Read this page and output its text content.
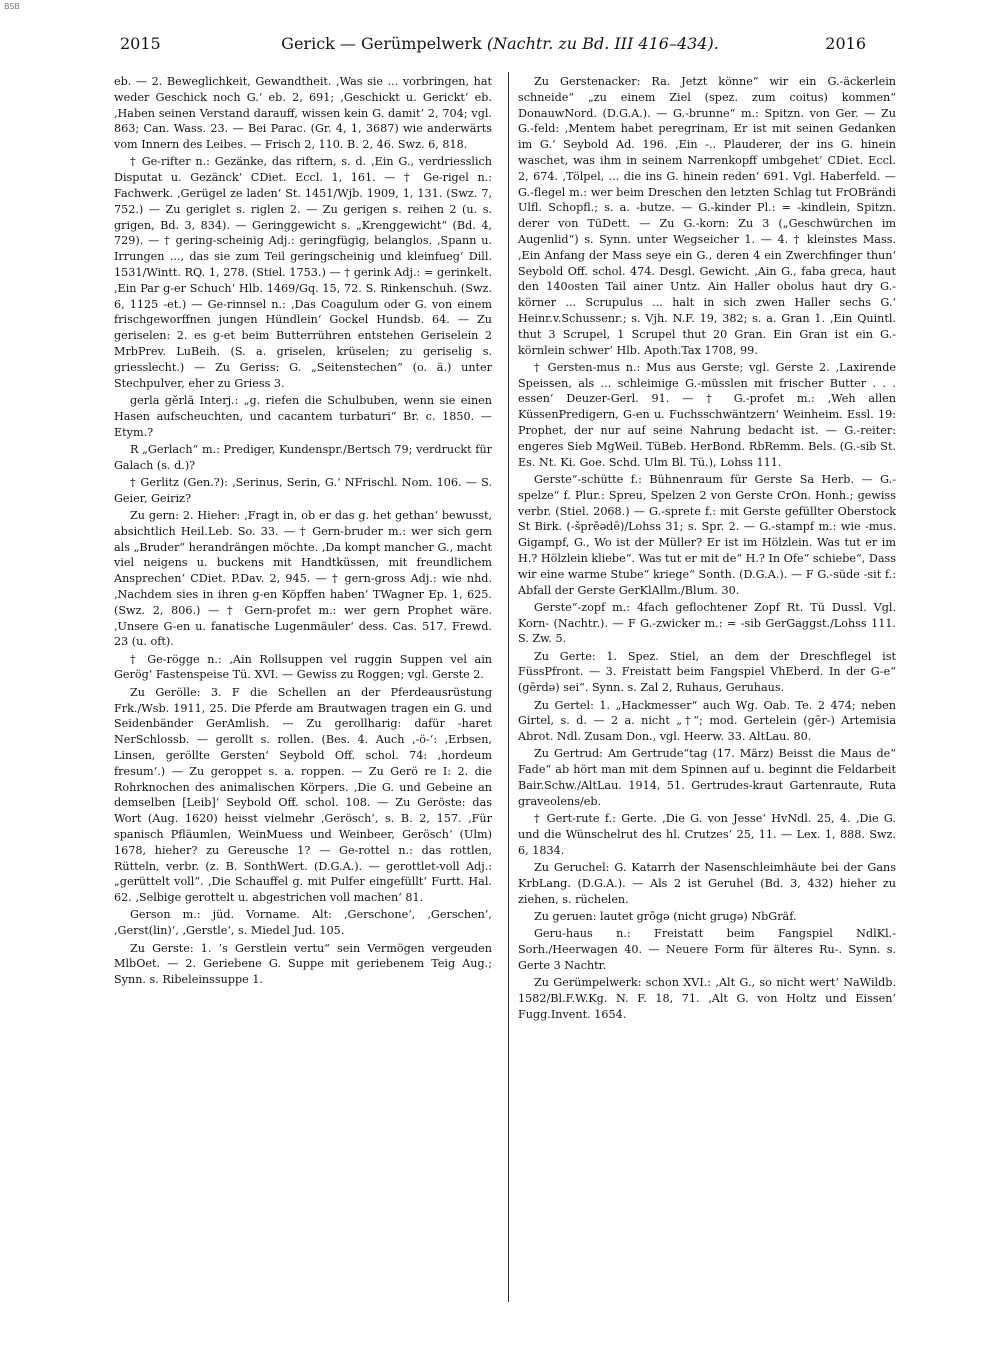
BSB
2015	Gerick — Gerümpelwerk (Nachtr. zu Bd. III 416–434).	2016

eb. — 2. Beweglichkeit, Gewandtheit. ‚Was sie ... vorbringen, hat weder Geschick noch G.‘ eb. 2, 691; ‚Geschickt u. Gerickt‘ eb. ‚Haben seinen Verstand darauff, wissen kein G. damit‘ 2, 704; vgl. 863; Can. Wass. 23. — Bei Parac. (Gr. 4, 1, 3687) wie anderwärts vom Innern des Leibes. — Frisch 2, 110. B. 2, 46. Swz. 6, 818.

† Ge-rifter n.: Gezänke, das riftern, s. d. ‚Ein G., verdriesslich Disputat u. Gezänck‘ CDiet. Eccl. 1, 161. — † Ge-rigel n.: Fachwerk. ‚Gerügel ze laden‘ St. 1451/Wjb. 1909, 1, 131. (Swz. 7, 752.) — Zu geriglet s. riglen 2. — Zu gerigen s. reihen 2 (u. s. grigen, Bd. 3, 834). — Geringgewicht s. „Krenggewicht“ (Bd. 4, 729). — † gering-scheinig Adj.: geringfügig, belanglos. ‚Spann u. Irrungen ..., das sie zum Teil geringscheinig und kleinfueg‘ Dill. 1531/Wintt. RQ. 1, 278. (Stiel. 1753.) — † gerink Adj.: = gerinkelt. ‚Ein Par g-er Schuch‘ Hlb. 1469/Gq. 15, 72. S. Rinkenschuh. (Swz. 6, 1125 -et.) — Ge-rinnsel n.: ‚Das Coagulum oder G. von einem frischgeworffnen jungen Hündlein‘ Gockel Hundsb. 64. — Zu geriselen: 2. es g-et beim Butterrühren entstehen Geriselein 2 MrbPrev. LuBeih. (S. a. griselen, krüselen; zu geriselig s. griesslecht.) — Zu Geriss: G. „Seitenstechen“ (o. ä.) unter Stechpulver, eher zu Griess 3.

gerla gĕrlă Interj.: „g. riefen die Schulbuben, wenn sie einen Hasen aufscheuchten, und cacantem turbaturi“ Br. c. 1850. — Etym.?

R „Gerlach“ m.: Prediger, Kundenspr./Bertsch 79; verdruckt für Galach (s. d.)?

† Gerlitz (Gen.?): ‚Serinus, Serin, G.‘ NFrischl. Nom. 106. — S. Geier, Geiriz?

Zu gern: 2. Hieher: ‚Fragt in, ob er das g. het gethan‘ bewusst, absichtlich Heil.Leb. So. 33. — † Gern-bruder m.: wer sich gern als „Bruder“ herandrängen möchte. ‚Da kompt mancher G., macht viel neigens u. buckens mit Handtküssen, mit freundlichem Ansprechen‘ CDiet. P.Dav. 2, 945. — † gern-gross Adj.: wie nhd. ‚Nachdem sies in ihren g-en Köpffen haben‘ TWagner Ep. 1, 625. (Swz. 2, 806.) — † Gern-profet m.: wer gern Prophet wäre. ‚Unsere G-en u. fanatische Lugenmäuler‘ dess. Cas. 517. Frewd. 23 (u. oft).

† Ge-rögge n.: ‚Ain Rollsuppen vel ruggin Suppen vel ain Gerög‘ Fastenspeise Tü. XVI. — Gewiss zu Roggen; vgl. Gerste 2.

Zu Gerölle: 3. F die Schellen an der Pferdeausrüstung Frk./Wsb. 1911, 25. Die Pferde am Brautwagen tragen ein G. und Seidenbänder GerAmlish. — Zu gerollharig: dafür -haret NerSchlossb. — gerollt s. rollen. (Bes. 4. Auch ‚-ö-‘: ‚Erbsen, Linsen, geröllte Gersten‘ Seybold Off. schol. 74: ‚hordeum fresum‘.) — Zu geroppet s. a. roppen. — Zu Gerö re I: 2. die Rohrknochen des animalischen Körpers. ‚Die G. und Gebeine an demselben [Leib]‘ Seybold Off. schol. 108. — Zu Geröste: das Wort (Aug. 1620) heisst vielmehr ‚Gerösch‘, s. B. 2, 157. ‚Für spanisch Pfläumlen, WeinMuess und Weinbeer, Gerösch‘ (Ulm) 1678, hieher? zu Gereusche 1? — Ge-rottel n.: das rottlen, Rütteln, verbr. (z. B. SonthWert. (D.G.A.). — gerottlet-voll Adj.: „gerüttelt voll“. ‚Die Schauffel g. mit Pulfer eingefüllt‘ Furtt. Hal. 62. ‚Selbige gerottelt u. abgestrichen voll machen‘ 81.

Gerson m.: jüd. Vorname. Alt: ‚Gerschone‘, ‚Gerschen‘, ‚Gerst(lin)‘, ‚Gerstle‘, s. Miedel Jud. 105.

Zu Gerste: 1. ’s Gerstlein vertu“ sein Vermögen vergeuden MlbOet. — 2. Geriebene G. Suppe mit geriebenem Teig Aug.; Synn. s. Ribeleinssuppe 1.

Zu Gerstenacker: Ra. Jetzt könne“ wir ein G.-äckerlein schneide“ „zu einem Ziel (spez. zum coitus) kommen“ DonauwNord. (D.G.A.). — G.-brunne“ m.: Spitzn. von Ger. — Zu G.-feld: ‚Mentem habet peregrinam, Er ist mit seinen Gedanken im G.‘ Seybold Ad. 196. ‚Ein -.. Plauderer, der ins G. hinein waschet, was ihm in seinem Narrenkopff umbgehet‘ CDiet. Eccl. 2, 674. ‚Tölpel, ... die ins G. hinein reden‘ 691. Vgl. Haberfeld. — G.-flegel m.: wer beim Dreschen den letzten Schlag tut FrOBrändi Ulfl. Schopfl.; s. a. -butze. — G.-kinder Pl.: = -kindlein, Spitzn. derer von TüDett. — Zu G.-korn: Zu 3 („Geschwürchen im Augenlid“) s. Synn. unter Wegseicher 1. — 4. † kleinstes Mass. ‚Ein Anfang der Mass seye ein G., deren 4 ein Zwerchfinger thun‘ Seybold Off. schol. 474. Desgl. Gewicht. ‚Ain G., faba greca, haut den 140osten Tail ainer Untz. Ain Haller obolus haut dry G.-körner ... Scrupulus ... halt in sich zwen Haller sechs G.‘ Heinr.v.Schussenr.; s. Vjh. N.F. 19, 382; s. a. Gran 1. ‚Ein Quintl. thut 3 Scrupel, 1 Scrupel thut 20 Gran. Ein Gran ist ein G.-körnlein schwer‘ Hlb. Apoth.Tax 1708, 99.

† Gersten-mus n.: Mus aus Gerste; vgl. Gerste 2. ‚Laxirende Speissen, als ... schleimige G.-müsslen mit frischer Butter . . . essen‘ Deuzer-Gerl. 91. — † G.-profet m.: ‚Weh allen KüssenPredigern, G-en u. Fuchsschwäntzern‘ Weinheim. Essl. 19: Prophet, der nur auf seine Nahrung bedacht ist. — G.-reiter: engeres Sieb MgWeil. TüBeb. HerBond. RbRemm. Bels. (G.-sib St. Es. Nt. Ki. Goe. Schd. Ulm Bl. Tü.), Lohss 111.

Gerste“-schütte f.: Bühnenraum für Gerste Sa Herb. — G.-spelze“ f. Plur.: Spreu, Spelzen 2 von Gerste CrOn. Honh.; gewiss verbr. (Stiel. 2068.) — G.-sprete f.: mit Gerste gefüllter Oberstock St Birk. (-šprēədē)/Lohss 31; s. Spr. 2. — G.-stampf m.: wie -mus. Gigampf, G., Wo ist der Müller? Er ist im Hölzlein. Was tut er im H.? Hölzlein kliebe“. Was tut er mit de“ H.? In Ofe“ schiebe“, Dass wir eine warme Stube“ kriege“ Sonth. (D.G.A.). — F G.-süde -sit f.: Abfall der Gerste GerKlAllm./Blum. 30.

Gerste“-zopf m.: 4fach geflochtener Zopf Rt. Tü Dussl. Vgl. Korn- (Nachtr.). — F G.-zwicker m.: = -sib GerGaggst./Lohss 111. S. Zw. 5.

Zu Gerte: 1. Spez. Stiel, an dem der Dreschflegel ist FüssPfront. — 3. Freistatt beim Fangspiel VhEberd. In der G-e“ (gērdə) sei“. Synn. s. Zal 2, Ruhaus, Geruhaus.

Zu Gertel: 1. „Hackmesser“ auch Wg. Oab. Te. 2 474; neben Girtel, s. d. — 2 a. nicht „†“; mod. Gertelein (gēr-) Artemisia Abrot. Ndl. Zusam Don., vgl. Heerw. 33. AltLau. 80.

Zu Gertrud: Am Gertrude“tag (17. März) Beisst die Maus de“ Fade“ ab hört man mit dem Spinnen auf u. beginnt die Feldarbeit Bair.Schw./AltLau. 1914, 51. Gertrudes-kraut Gartenraute, Ruta graveolens/eb.

† Gert-rute f.: Gerte. ‚Die G. von Jesse‘ HvNdl. 25, 4. ‚Die G. und die Wünschelrut des hl. Crutzes‘ 25, 11. — Lex. 1, 888. Swz. 6, 1834.

Zu Geruchel: G. Katarrh der Nasenschleimhäute bei der Gans KrbLang. (D.G.A.). — Als 2 ist Geruhel (Bd. 3, 432) hieher zu ziehen, s. rüchelen.

Zu geruen: lautet grōgə (nicht grugə) NbGräf.

Geru-haus n.: Freistatt beim Fangspiel NdlKl.-Sorh./Heerwagen 40. — Neuere Form für älteres Ru-. Synn. s. Gerte 3 Nachtr.

Zu Gerümpelwerk: schon XVI.: ‚Alt G., so nicht wert‘ NaWildb. 1582/Bl.F.W.Kg. N. F. 18, 71. ‚Alt G. von Holtz und Eissen‘ Fugg.Invent. 1654.
